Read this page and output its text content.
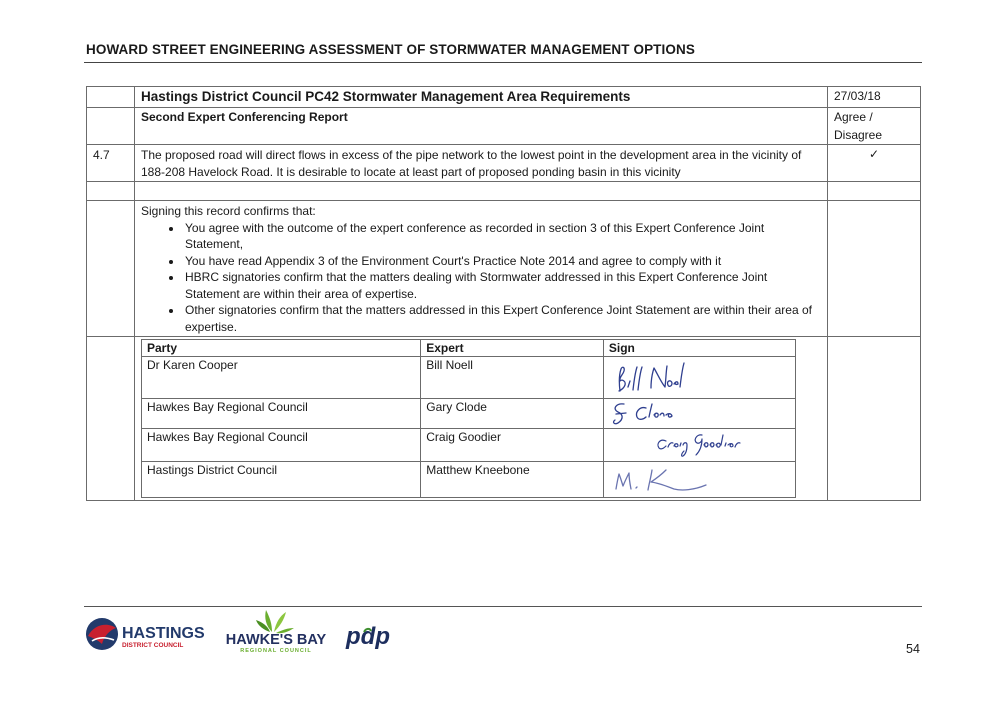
HOWARD STREET ENGINEERING ASSESSMENT OF STORMWATER MANAGEMENT OPTIONS
	Hastings District Council PC42 Stormwater Management Area Requirements	27/03/18
	Second Expert Conferencing Report	Agree / Disagree
4.7	The proposed road will direct flows in excess of the pipe network to the lowest point in the development area in the vicinity of 188-208 Havelock Road. It is desirable to locate at least part of proposed ponding basin in this vicinity	✓

Signing this record confirms that:
• You agree with the outcome of the expert conference as recorded in section 3 of this Expert Conference Joint Statement,
• You have read Appendix 3 of the Environment Court's Practice Note 2014 and agree to comply with it
• HBRC signatories confirm that the matters dealing with Stormwater addressed in this Expert Conference Joint Statement are within their area of expertise.
• Other signatories confirm that the matters addressed in this Expert Conference Joint Statement are within their area of expertise.

Party	Expert	Sign
Dr Karen Cooper	Bill Noell	

Hawkes Bay Regional Council	Gary Clode	

Hawkes Bay Regional Council	Craig Goodier	

Hastings District Council	Matthew Kneebone	

HASTINGS
DISTRICT COUNCIL	HAWKE'S BAY
REGIONAL COUNCIL
pdp	54
